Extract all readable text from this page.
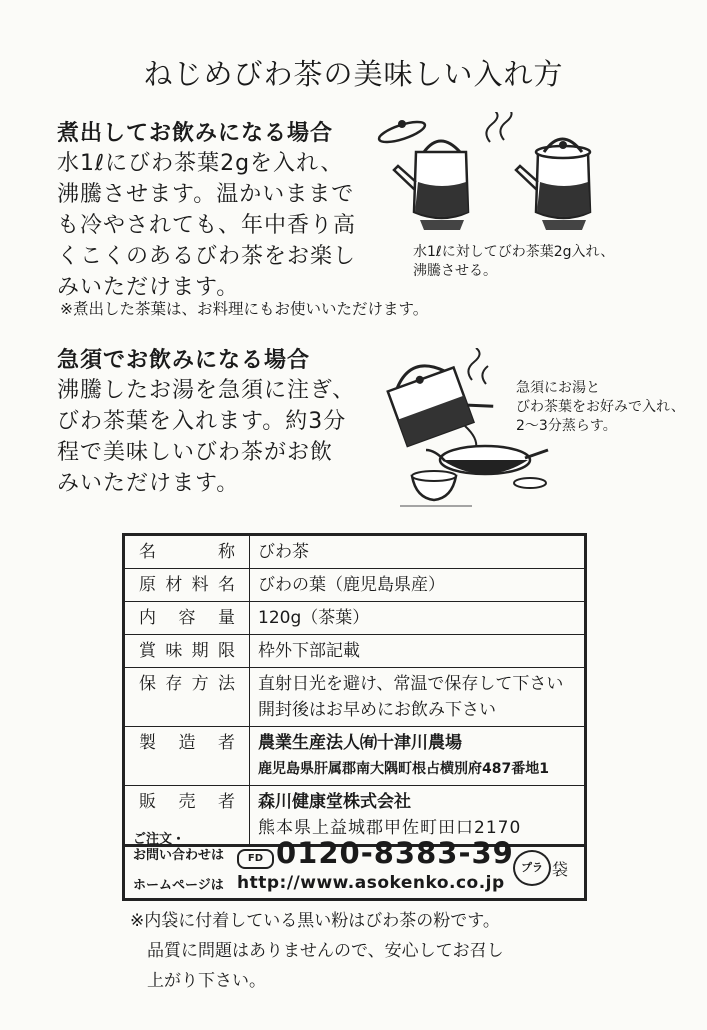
ねじめびわ茶の美味しい入れ方
煮出してお飲みになる場合
水1ℓにびわ茶葉2gを入れ、
沸騰させます。温かいままで
も冷やされても、年中香り高
くこくのあるびわ茶をお楽し
みいただけます。
水1ℓに対してびわ茶葉2g入れ、
沸騰させる。
※煮出した茶葉は、お料理にもお使いいただけます。
急須でお飲みになる場合
沸騰したお湯を急須に注ぎ、
びわ茶葉を入れます。約3分
程で美味しいびわ茶がお飲
みいただけます。
急須にお湯と
びわ茶葉をお好みで入れ、
2～3分蒸らす。
名称	びわ茶
原材料名	びわの葉（鹿児島県産）
内容量	120g（茶葉）
賞味期限	枠外下部記載
保存方法	直射日光を避け、常温で保存して下さい
開封後はお早めにお飲み下さい

製造者	農業生産法人㈲十津川農場
鹿児島県肝属郡南大隅町根占横別府487番地1

販売者	森川健康堂株式会社
熊本県上益城郡甲佐町田口2170
ご注文・
お問い合わせは	FD 0120-8383-39
ホームページは http://www.asokenko.co.jp
プラ 袋
※内袋に付着している黒い粉はびわ茶の粉です。
　品質に問題はありませんので、安心してお召し
　上がり下さい。
